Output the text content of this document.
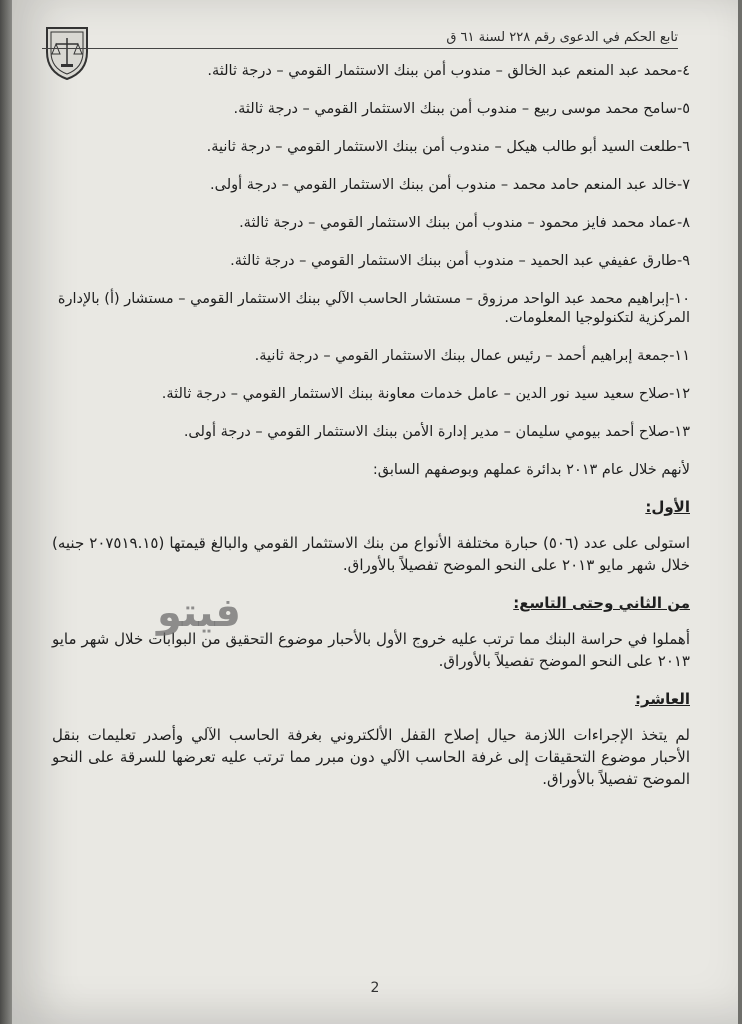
تابع الحكم في الدعوى رقم ٢٢٨ لسنة ٦١ ق

٤-محمد عبد المنعم عبد الخالق – مندوب أمن ببنك الاستثمار القومي – درجة ثالثة.

٥-سامح محمد موسى ربيع – مندوب أمن ببنك الاستثمار القومي – درجة ثالثة.

٦-طلعت السيد أبو طالب هيكل – مندوب أمن ببنك الاستثمار القومي – درجة ثانية.

٧-خالد عبد المنعم حامد محمد – مندوب أمن ببنك الاستثمار القومي – درجة أولى.

٨-عماد محمد فايز محمود – مندوب أمن ببنك الاستثمار القومي – درجة ثالثة.

٩-طارق عفيفي عبد الحميد – مندوب أمن ببنك الاستثمار القومي – درجة ثالثة.

١٠-إبراهيم محمد عبد الواحد مرزوق – مستشار الحاسب الآلي ببنك الاستثمار القومي – مستشار (أ) بالإدارة المركزية لتكنولوجيا المعلومات.

١١-جمعة إبراهيم أحمد – رئيس عمال ببنك الاستثمار القومي – درجة ثانية.

١٢-صلاح سعيد سيد نور الدين – عامل خدمات معاونة ببنك الاستثمار القومي – درجة ثالثة.

١٣-صلاح أحمد بيومي سليمان – مدير إدارة الأمن ببنك الاستثمار القومي – درجة أولى.

لأنهم خلال عام ٢٠١٣ بدائرة عملهم وبوصفهم السابق:

الأول:

استولى على عدد (٥٠٦) حبارة مختلفة الأنواع من بنك الاستثمار القومي والبالغ قيمتها (٢٠٧٥١٩.١٥ جنيه) خلال شهر مايو ٢٠١٣ على النحو الموضح تفصيلاً بالأوراق.

من الثاني وحتى التاسع:

أهملوا في حراسة البنك مما ترتب عليه خروج الأول بالأحبار موضوع التحقيق من البوابات خلال شهر مايو ٢٠١٣ على النحو الموضح تفصيلاً بالأوراق.

العاشر:

لم يتخذ الإجراءات اللازمة حيال إصلاح القفل الألكتروني بغرفة الحاسب الآلي وأصدر تعليمات بنقل الأحبار موضوع التحقيقات إلى غرفة الحاسب الآلي دون مبرر مما ترتب عليه تعرضها للسرقة على النحو الموضح تفصيلاً بالأوراق.

فيتو
2
